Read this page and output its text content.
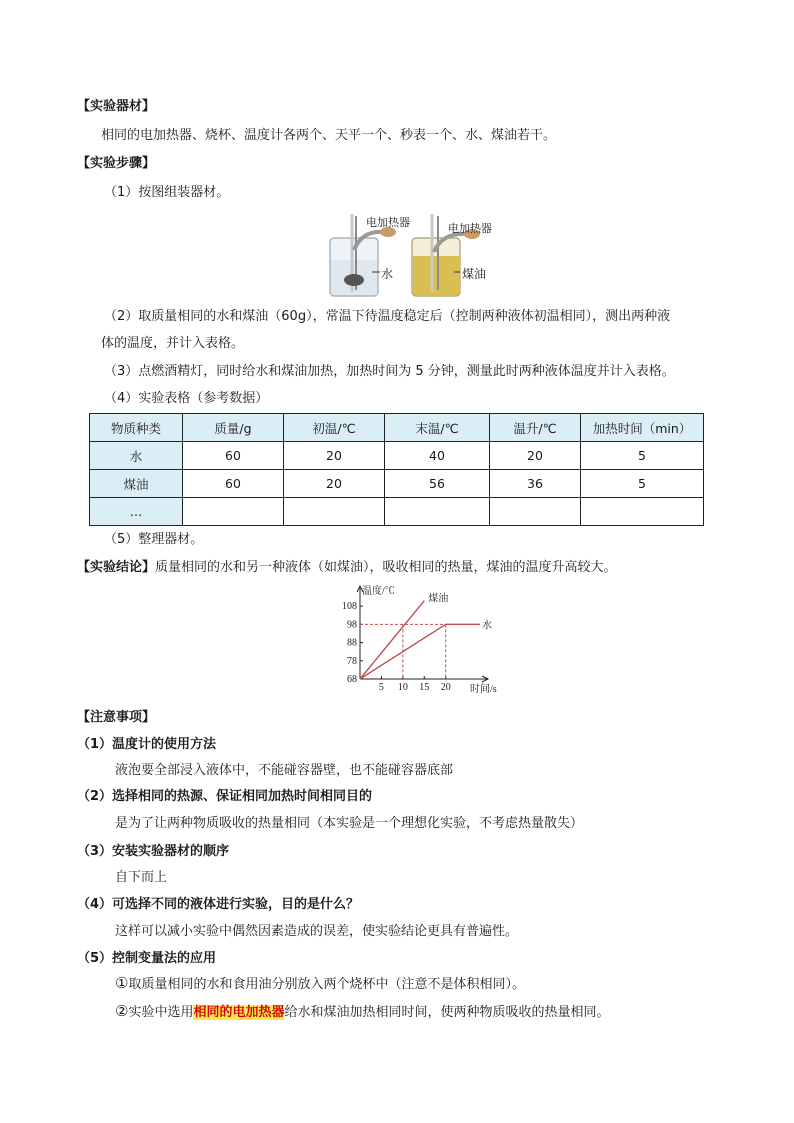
【实验器材】
相同的电加热器、烧杯、温度计各两个、天平一个、秒表一个、水、煤油若干。
【实验步骤】
（1）按图组装器材。
电加热器	电加热器
水	煤油
（2）取质量相同的水和煤油（60g），常温下待温度稳定后（控制两种液体初温相同），测出两种液
体的温度，并计入表格。
（3）点燃酒精灯，同时给水和煤油加热，加热时间为 5 分钟，测量此时两种液体温度并计入表格。
（4）实验表格（参考数据）
物质种类	质量/g	初温/℃	末温/℃	温升/℃	加热时间（min）
水	60	20	40	20	5
煤油	60	20	56	36	5
…					
（5）整理器材。
【实验结论】质量相同的水和另一种液体（如煤油），吸收相同的热量，煤油的温度升高较大。
68
78
88
98
108
5 10 15 20
温度/℃
时间/s
煤油
水
【注意事项】
（1）温度计的使用方法
液泡要全部浸入液体中，不能碰容器壁，也不能碰容器底部
（2）选择相同的热源、保证相同加热时间相同目的
是为了让两种物质吸收的热量相同（本实验是一个理想化实验，不考虑热量散失）
（3）安装实验器材的顺序
自下而上
（4）可选择不同的液体进行实验，目的是什么？
这样可以减小实验中偶然因素造成的误差，使实验结论更具有普遍性。
（5）控制变量法的应用
①取质量相同的水和食用油分别放入两个烧杯中（注意不是体积相同）。
②实验中选用相同的电加热器给水和煤油加热相同时间，使两种物质吸收的热量相同。
